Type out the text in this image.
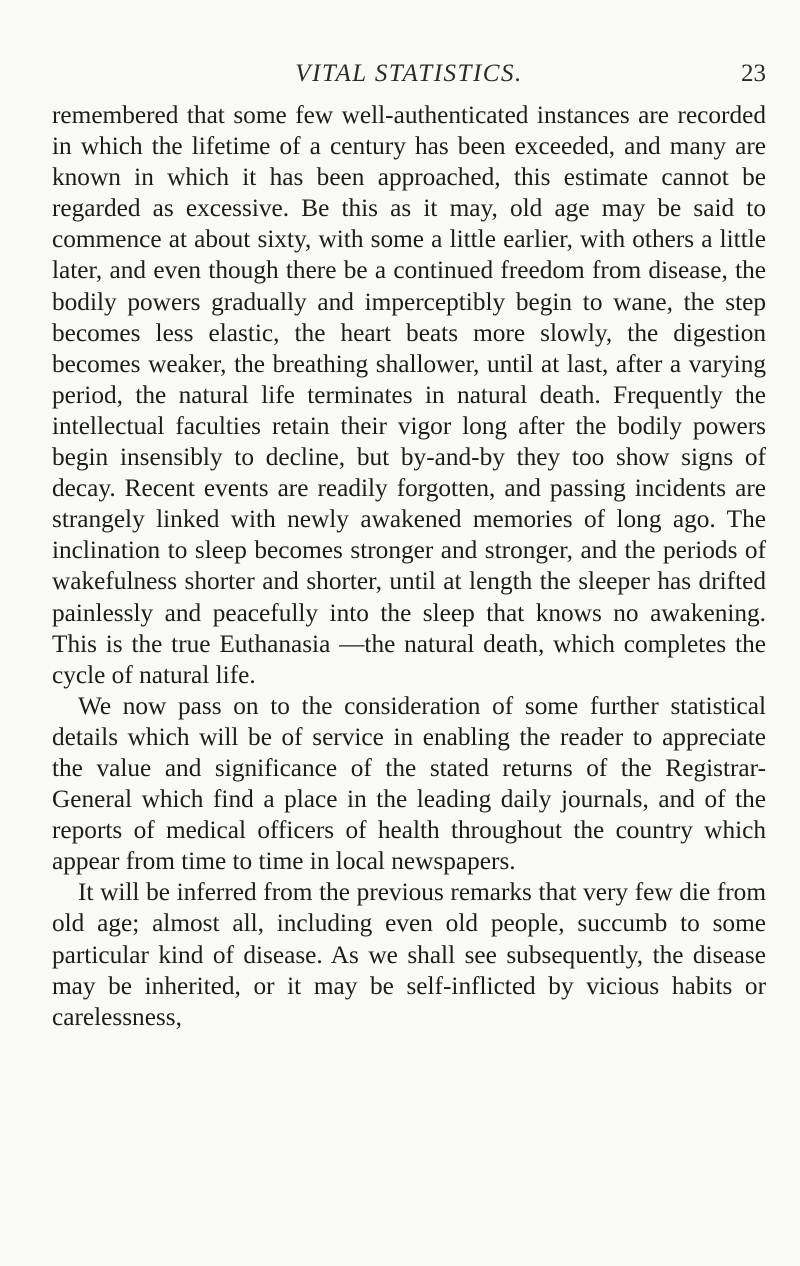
VITAL STATISTICS.	23

remembered that some few well-authenticated instances are recorded in which the lifetime of a century has been exceeded, and many are known in which it has been approached, this estimate cannot be regarded as excessive. Be this as it may, old age may be said to commence at about sixty, with some a little earlier, with others a little later, and even though there be a continued freedom from disease, the bodily powers gradually and imperceptibly begin to wane, the step becomes less elastic, the heart beats more slowly, the digestion becomes weaker, the breathing shallower, until at last, after a varying period, the natural life terminates in natural death. Frequently the intellectual faculties retain their vigor long after the bodily powers begin insensibly to decline, but by-and-by they too show signs of decay. Recent events are readily forgotten, and passing incidents are strangely linked with newly awakened memories of long ago. The inclination to sleep becomes stronger and stronger, and the periods of wakefulness shorter and shorter, until at length the sleeper has drifted painlessly and peacefully into the sleep that knows no awakening. This is the true Euthanasia —the natural death, which completes the cycle of natural life.

We now pass on to the consideration of some further statistical details which will be of service in enabling the reader to appreciate the value and significance of the stated returns of the Registrar-General which find a place in the leading daily journals, and of the reports of medical officers of health throughout the country which appear from time to time in local newspapers.

It will be inferred from the previous remarks that very few die from old age; almost all, including even old people, succumb to some particular kind of disease. As we shall see subsequently, the disease may be inherited, or it may be self-inflicted by vicious habits or carelessness,
